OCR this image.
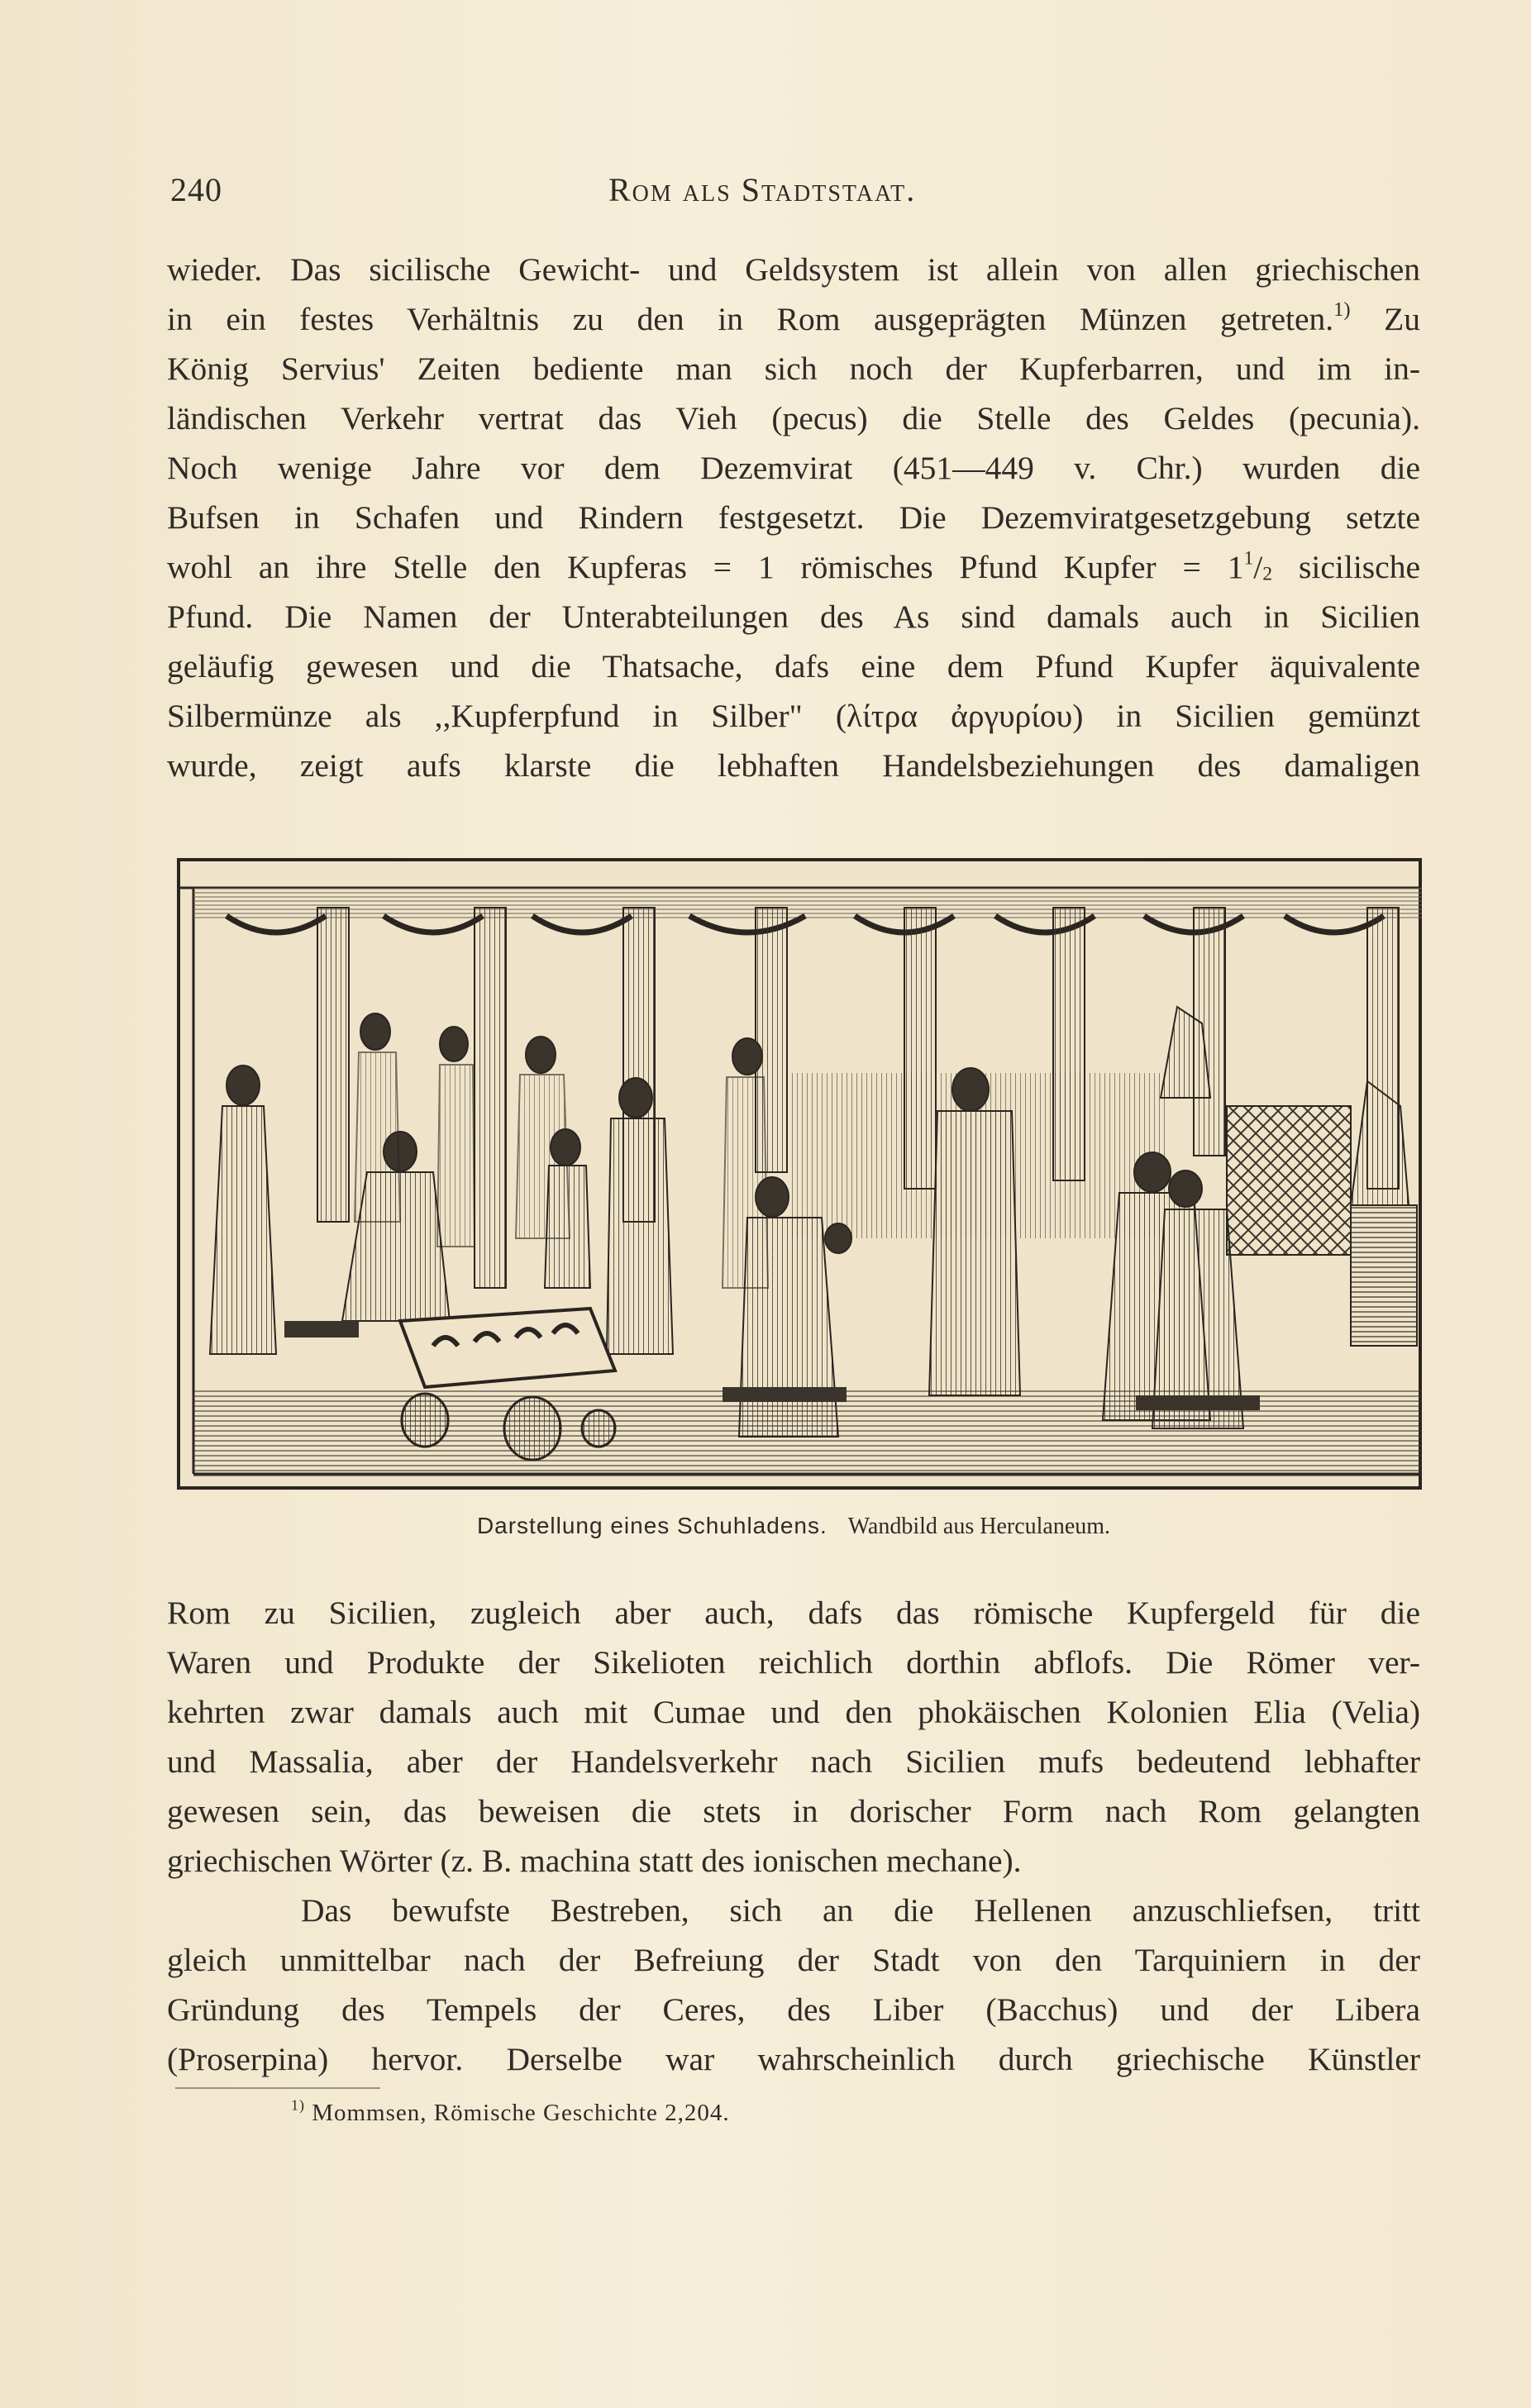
240	Rom als Stadtstaat.
wieder. Das sicilische Gewicht- und Geldsystem ist allein von allen griechischen
in ein festes Verhältnis zu den in Rom ausgeprägten Münzen getreten.$^{1)}$ Zu
König Servius' Zeiten bediente man sich noch der Kupferbarren, und im in-
ländischen Verkehr vertrat das Vieh (pecus) die Stelle des Geldes (pecunia).
Noch wenige Jahre vor dem Dezemvirat (451—449 v. Chr.) wurden die
Bufsen in Schafen und Rindern festgesetzt. Die Dezemviratgesetzgebung setzte
wohl an ihre Stelle den Kupferas = 1 römisches Pfund Kupfer = $1^1/2$ sicilische
Pfund. Die Namen der Unterabteilungen des As sind damals auch in Sicilien
geläufig gewesen und die Thatsache, dafs eine dem Pfund Kupfer äquivalente
Silbermünze als ,,Kupferpfund in Silber" (λίτρα ἀργυρίου) in Sicilien gemünzt
wurde, zeigt aufs klarste die lebhaften Handelsbeziehungen des damaligen
Darstellung eines Schuhladens. Wandbild aus Herculaneum.
Rom zu Sicilien, zugleich aber auch, dafs das römische Kupfergeld für die
Waren und Produkte der Sikelioten reichlich dorthin abflofs. Die Römer ver-
kehrten zwar damals auch mit Cumae und den phokäischen Kolonien Elia (Velia)
und Massalia, aber der Handelsverkehr nach Sicilien mufs bedeutend lebhafter
gewesen sein, das beweisen die stets in dorischer Form nach Rom gelangten
griechischen Wörter (z. B. machina statt des ionischen mechane).
Das bewufste Bestreben, sich an die Hellenen anzuschliefsen, tritt
gleich unmittelbar nach der Befreiung der Stadt von den Tarquiniern in der
Gründung des Tempels der Ceres, des Liber (Bacchus) und der Libera
(Proserpina) hervor. Derselbe war wahrscheinlich durch griechische Künstler
$^{1)}$ Mommsen, Römische Geschichte 2,204.
